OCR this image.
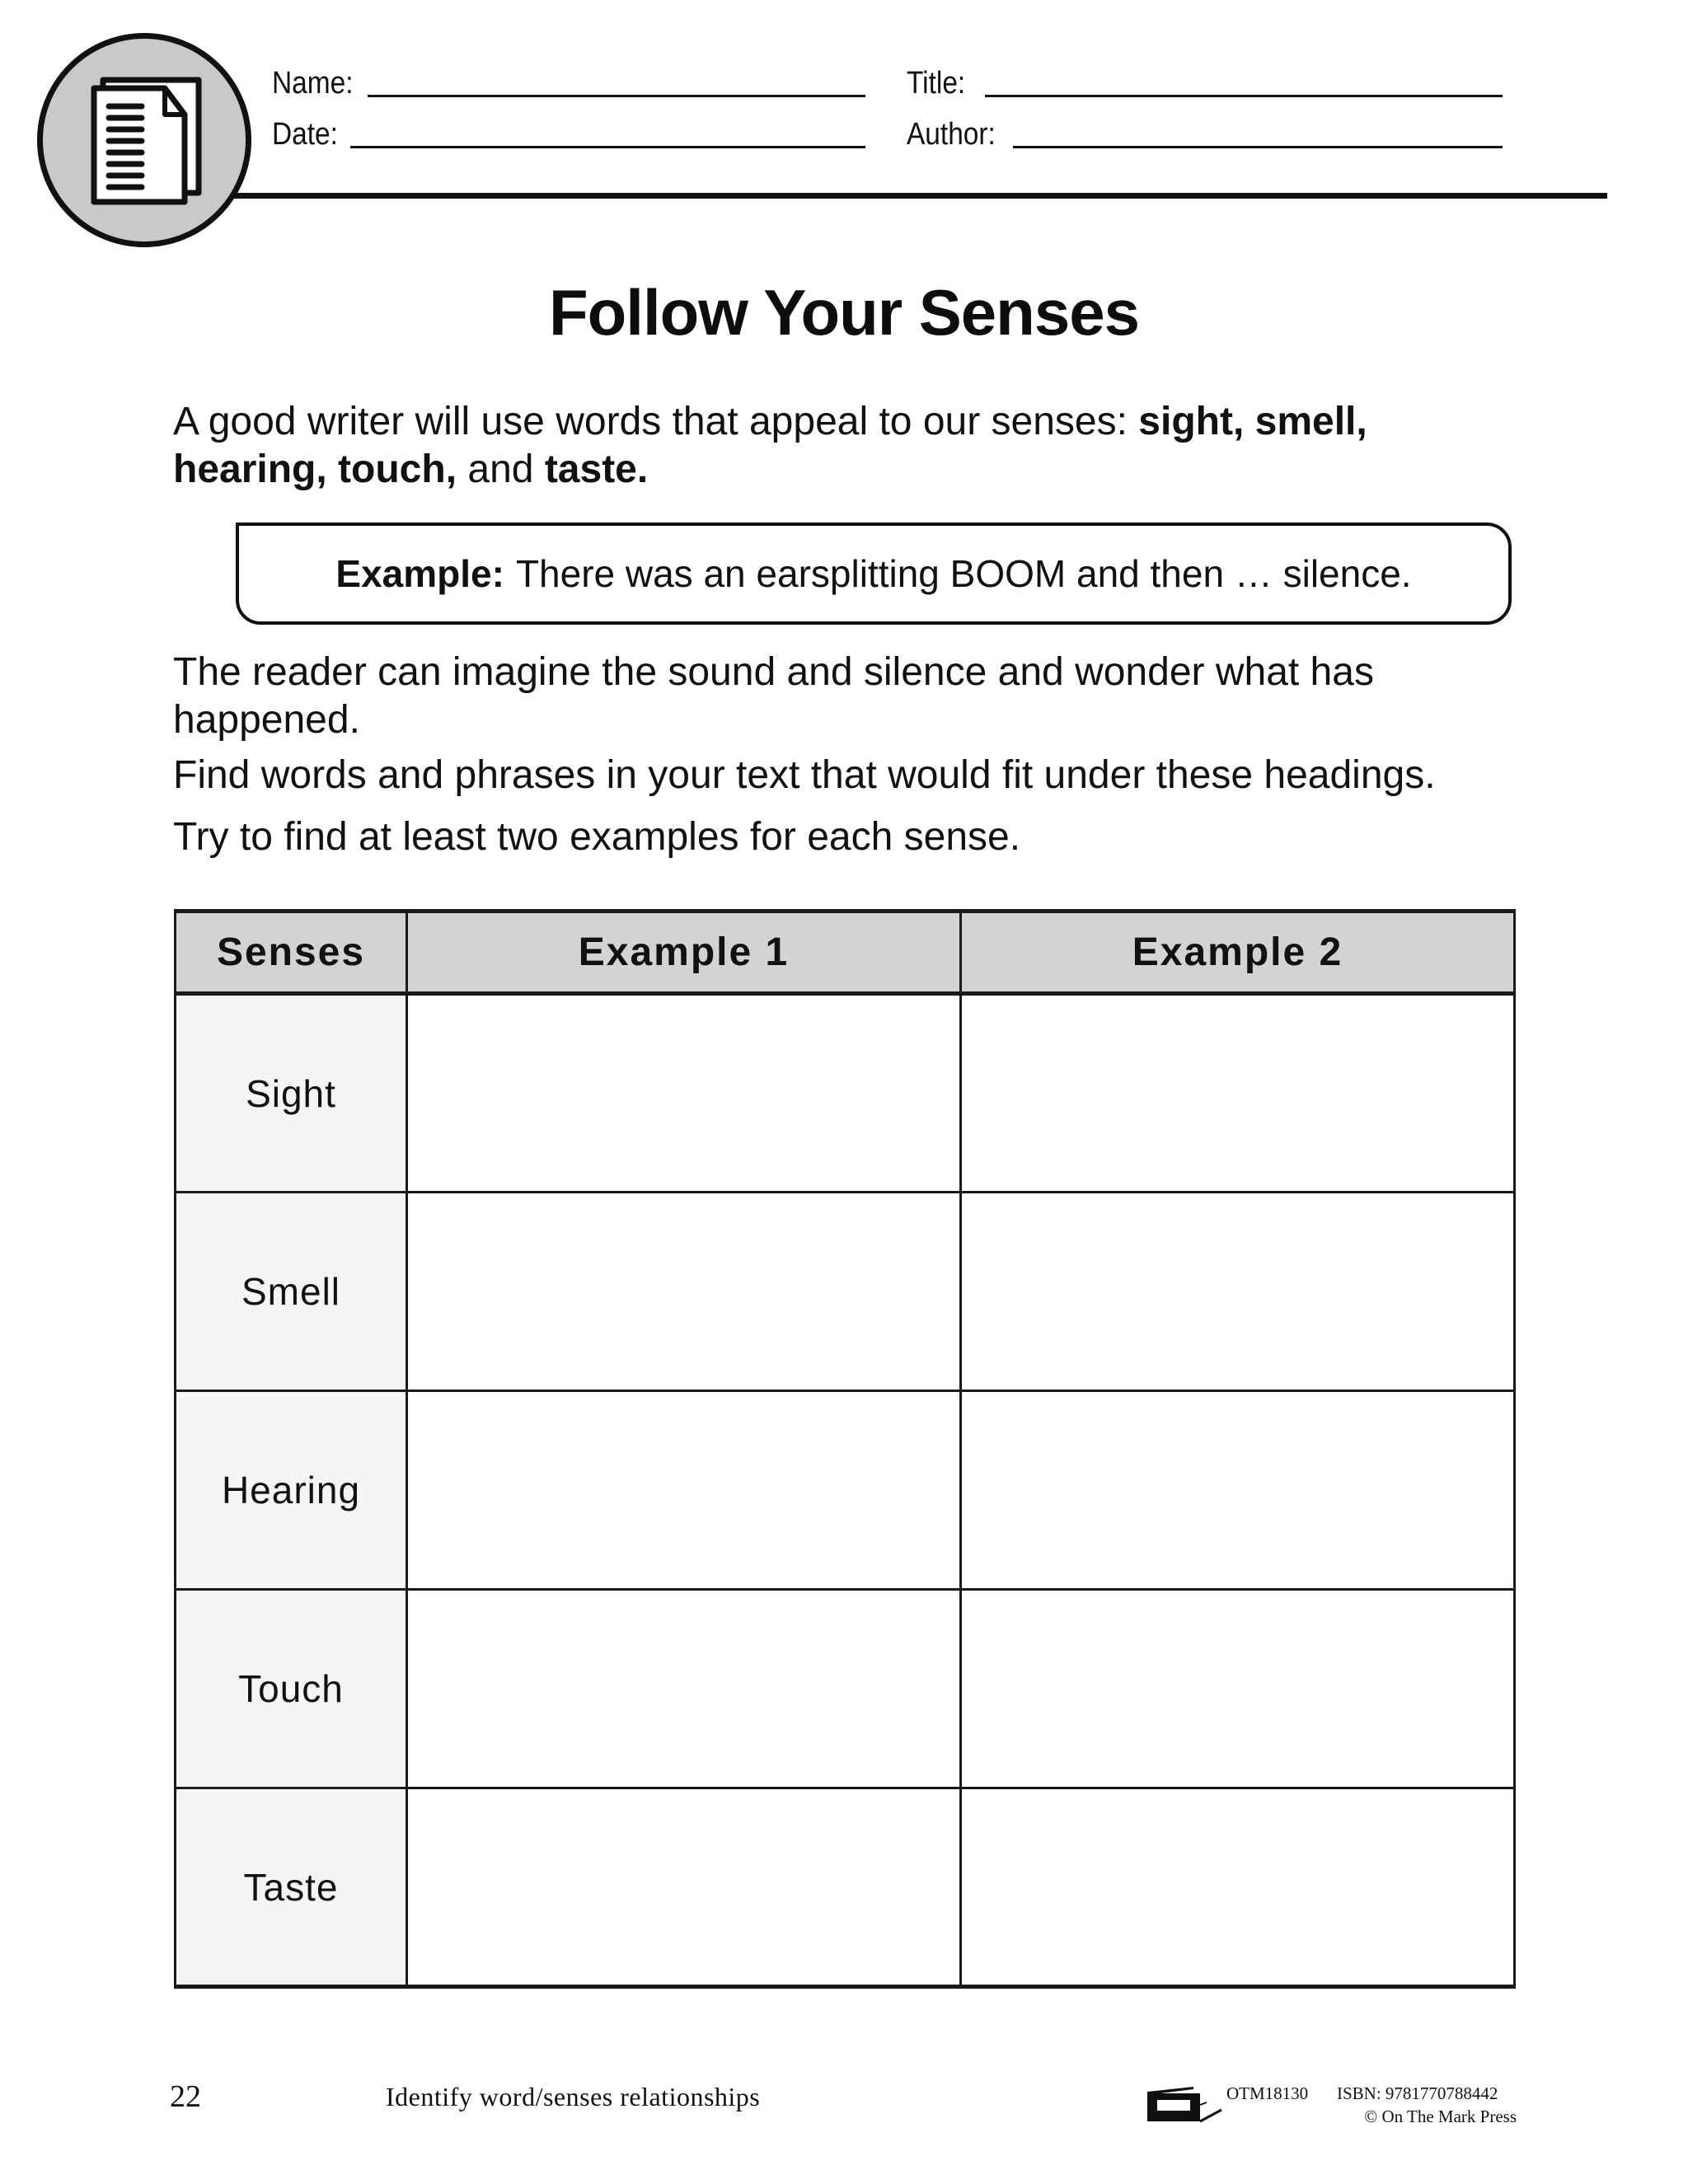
Name:
Date:
Title:
Author:
Follow Your Senses

A good writer will use words that appeal to our senses: sight, smell,
hearing, touch, and taste.

Example: There was an earsplitting BOOM and then … silence.

The reader can imagine the sound and silence and wonder what has happened.

Find words and phrases in your text that would fit under these headings.

Try to find at least two examples for each sense.

Senses	Example 1	Example 2
Sight		
Smell		
Hearing		
Touch		
Taste		
22	Identify word/senses relationships	OTM18130 ISBN: 9781770788442
© On The Mark Press
